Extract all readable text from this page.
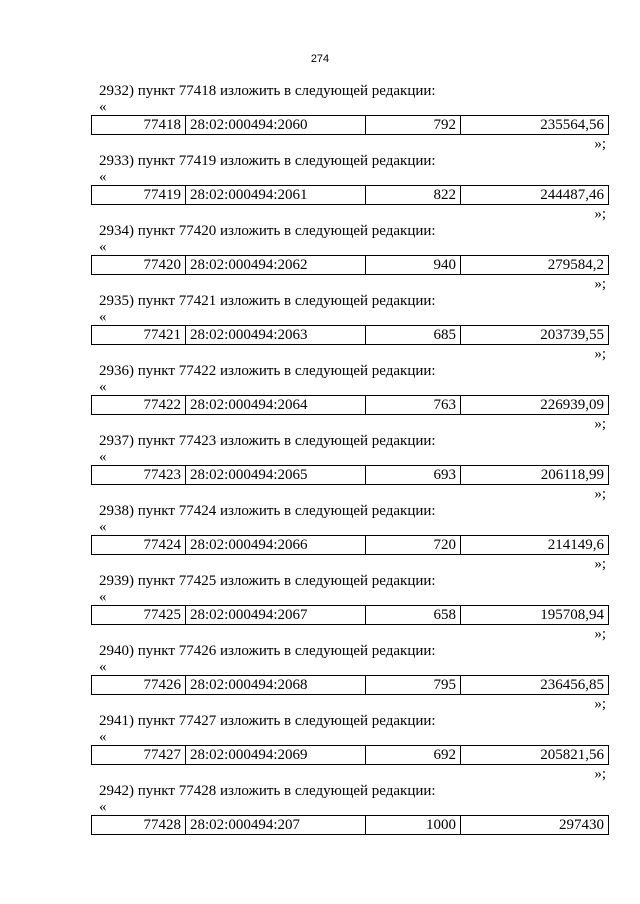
274
2932) пункт 77418 изложить в следующей редакции:
«
77418	28:02:000494:2060	792	235564,56
»;
2933) пункт 77419 изложить в следующей редакции:
«
77419	28:02:000494:2061	822	244487,46
»;
2934) пункт 77420 изложить в следующей редакции:
«
77420	28:02:000494:2062	940	279584,2
»;
2935) пункт 77421 изложить в следующей редакции:
«
77421	28:02:000494:2063	685	203739,55
»;
2936) пункт 77422 изложить в следующей редакции:
«
77422	28:02:000494:2064	763	226939,09
»;
2937) пункт 77423 изложить в следующей редакции:
«
77423	28:02:000494:2065	693	206118,99
»;
2938) пункт 77424 изложить в следующей редакции:
«
77424	28:02:000494:2066	720	214149,6
»;
2939) пункт 77425 изложить в следующей редакции:
«
77425	28:02:000494:2067	658	195708,94
»;
2940) пункт 77426 изложить в следующей редакции:
«
77426	28:02:000494:2068	795	236456,85
»;
2941) пункт 77427 изложить в следующей редакции:
«
77427	28:02:000494:2069	692	205821,56
»;
2942) пункт 77428 изложить в следующей редакции:
«
77428	28:02:000494:207	1000	297430
